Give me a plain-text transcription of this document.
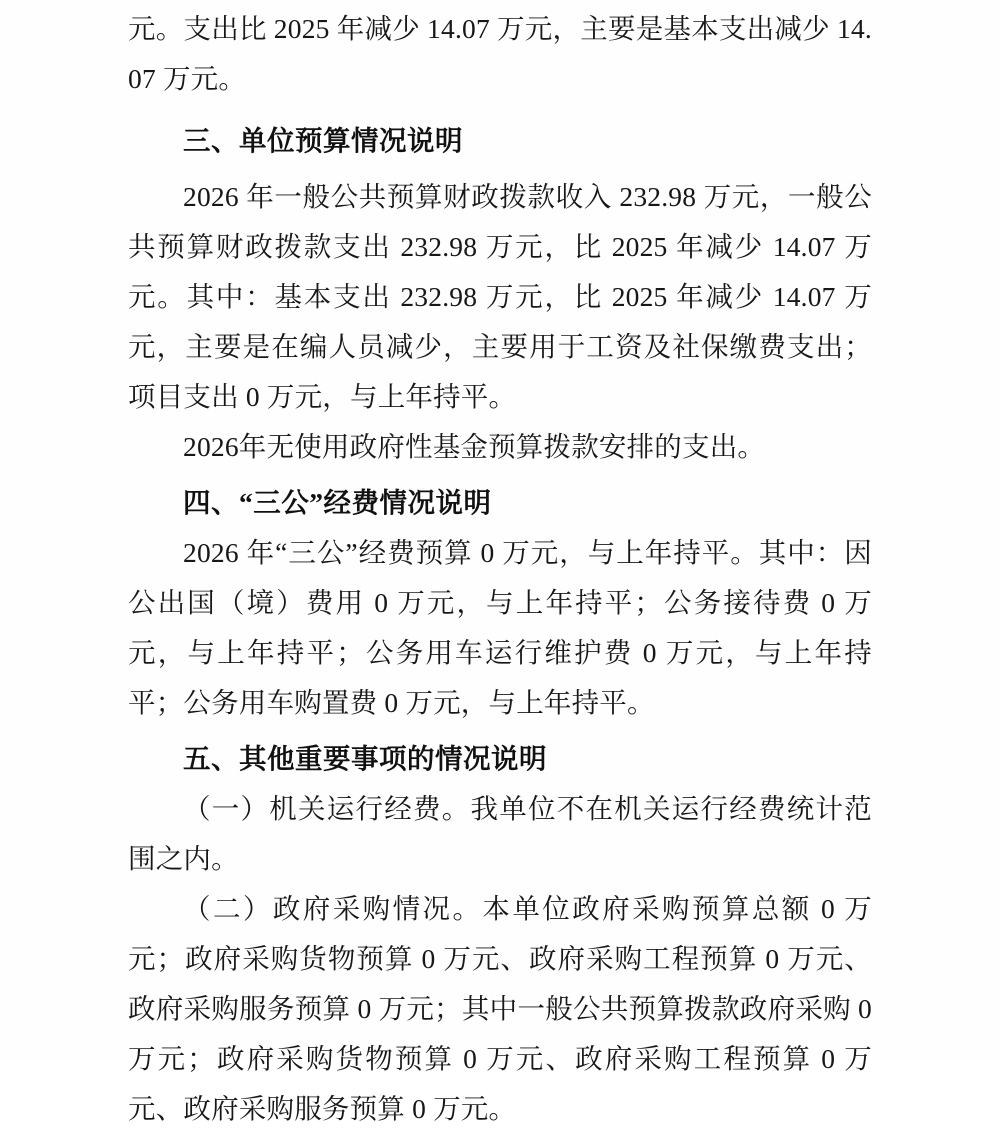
元。支出比 2025 年减少 14.07 万元，主要是基本支出减少 14.07 万元。

三、单位预算情况说明

2026 年一般公共预算财政拨款收入 232.98 万元，一般公共预算财政拨款支出 232.98 万元，比 2025 年减少 14.07 万元。其中：基本支出 232.98 万元，比 2025 年减少 14.07 万元，主要是在编人员减少，主要用于工资及社保缴费支出；项目支出 0 万元，与上年持平。

2026年无使用政府性基金预算拨款安排的支出。

四、“三公”经费情况说明

2026 年“三公”经费预算 0 万元，与上年持平。其中：因公出国（境）费用 0 万元，与上年持平；公务接待费 0 万元，与上年持平；公务用车运行维护费 0 万元，与上年持平；公务用车购置费 0 万元，与上年持平。

五、其他重要事项的情况说明

（一）机关运行经费。我单位不在机关运行经费统计范围之内。

（二）政府采购情况。本单位政府采购预算总额 0 万元；政府采购货物预算 0 万元、政府采购工程预算 0 万元、政府采购服务预算 0 万元；其中一般公共预算拨款政府采购 0 万元；政府采购货物预算 0 万元、政府采购工程预算 0 万元、政府采购服务预算 0 万元。
